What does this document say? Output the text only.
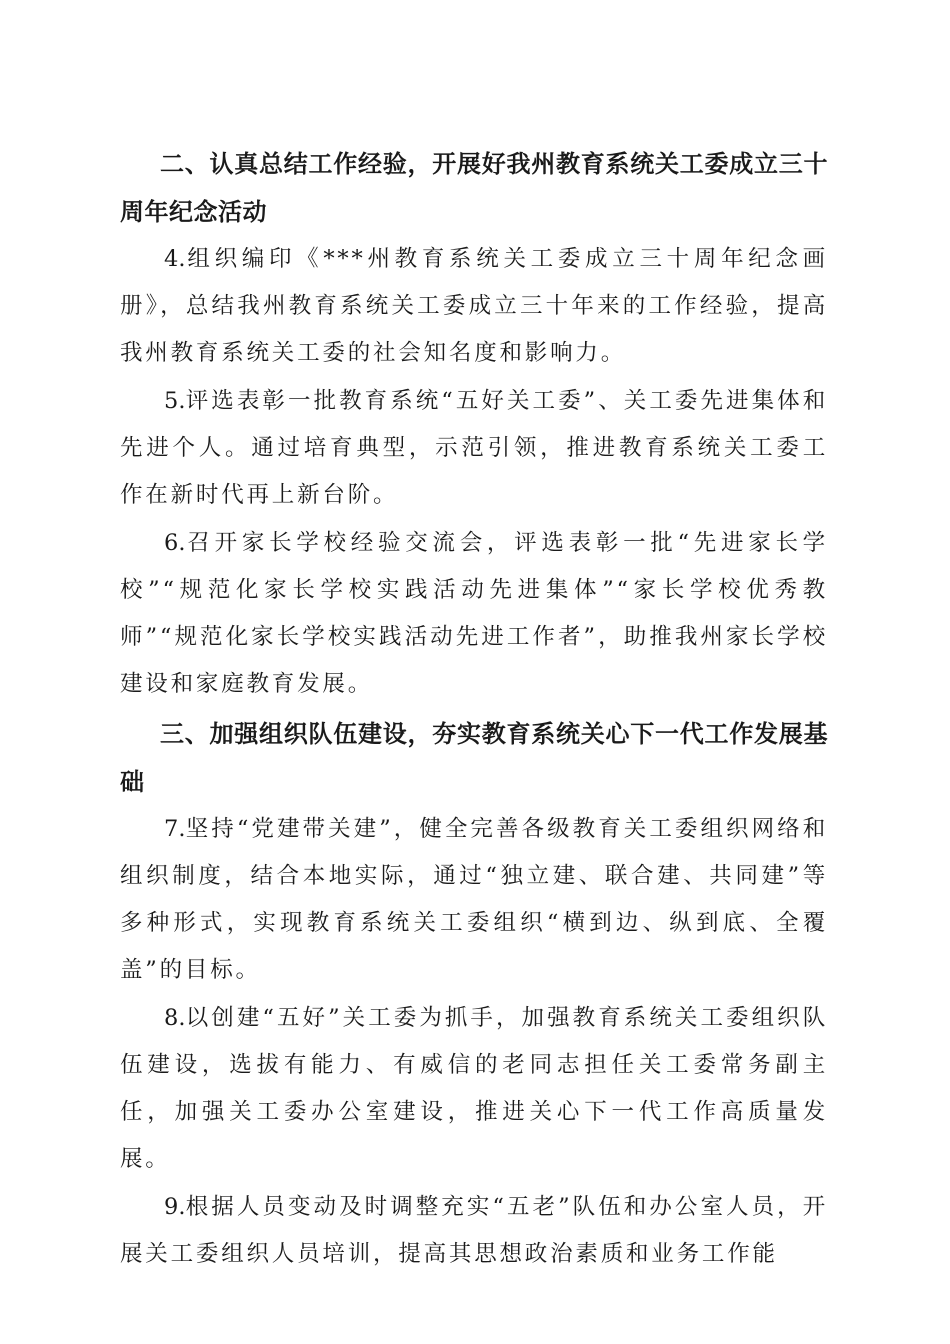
二、认真总结工作经验，开展好我州教育系统关工委成立三十周年纪念活动

4.组织编印《***州教育系统关工委成立三十周年纪念画册》，总结我州教育系统关工委成立三十年来的工作经验，提高我州教育系统关工委的社会知名度和影响力。

5.评选表彰一批教育系统“五好关工委”、关工委先进集体和先进个人。通过培育典型，示范引领，推进教育系统关工委工作在新时代再上新台阶。

6.召开家长学校经验交流会，评选表彰一批“先进家长学校”“规范化家长学校实践活动先进集体”“家长学校优秀教师”“规范化家长学校实践活动先进工作者”，助推我州家长学校建设和家庭教育发展。

三、加强组织队伍建设，夯实教育系统关心下一代工作发展基础

7.坚持“党建带关建”，健全完善各级教育关工委组织网络和组织制度，结合本地实际，通过“独立建、联合建、共同建”等多种形式，实现教育系统关工委组织“横到边、纵到底、全覆盖”的目标。

8.以创建“五好”关工委为抓手，加强教育系统关工委组织队伍建设，选拔有能力、有威信的老同志担任关工委常务副主任，加强关工委办公室建设，推进关心下一代工作高质量发展。

9.根据人员变动及时调整充实“五老”队伍和办公室人员，开展关工委组织人员培训，提高其思想政治素质和业务工作能
